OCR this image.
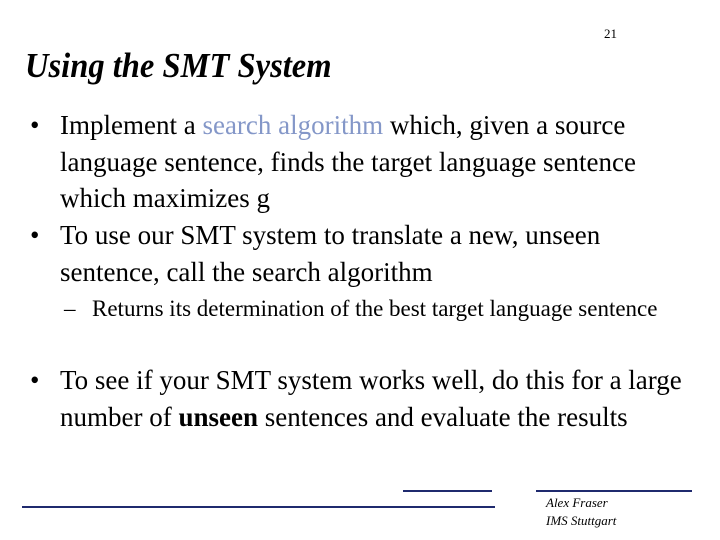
21
Using the SMT System
• Implement a search algorithm which, given a source language sentence, finds the target language sentence which maximizes g
• To use our SMT system to translate a new, unseen sentence, call the search algorithm
– Returns its determination of the best target language sentence
• To see if your SMT system works well, do this for a large number of unseen sentences and evaluate the results
Alex Fraser
IMS Stuttgart
